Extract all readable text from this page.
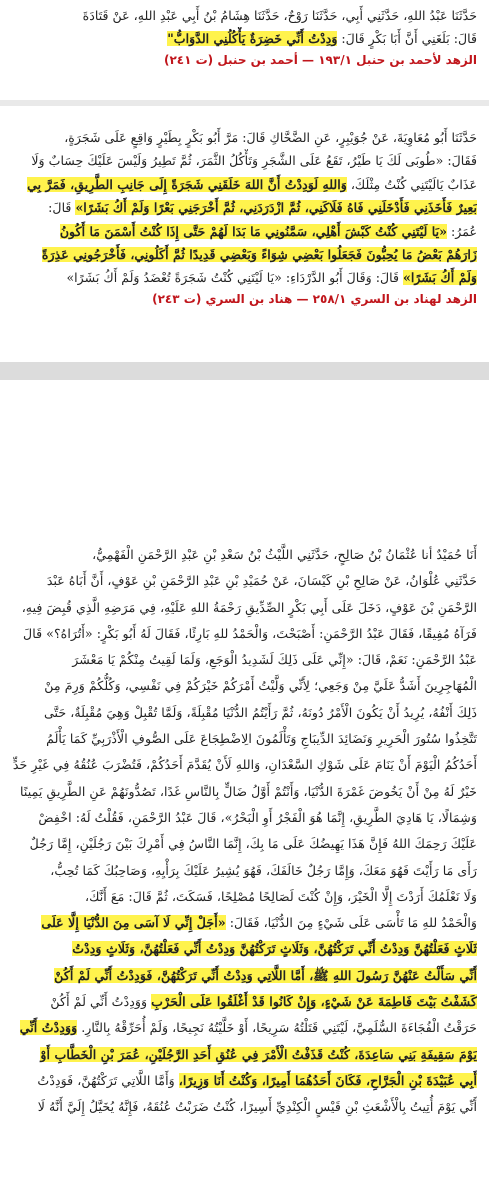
حَدَّثَنَا عَبْدُ اللهِ، حَدَّثَنِي أَبِي، حَدَّثَنَا رَوْحٌ، حَدَّثَنَا هِشَامُ بْنُ أَبِي عَبْدِ اللهِ، عَنْ قَتَادَةَ
قَالَ: بَلَغَنِي أَنَّ أَبَا بَكْرٍ قَالَ: وَدِدْتُ أَنِّي خَضِرَةٌ يَأْكُلُنِي الدَّوَابُّ"
الزهد لأحمد بن حنبل ١٩٣/١ — أحمد بن حنبل (ت ٢٤١)
حَدَّثَنَا أَبُو مُعَاوِيَةَ، عَنْ جُوَيْبِرٍ، عَنِ الضَّحَّاكِ قَالَ: مَرَّ أَبُو بَكْرٍ بِطَيْرٍ وَاقِعٍ عَلَى شَجَرَةٍ،
فَقَالَ: «طُوبَى لَكَ يَا طَيْرُ، تَقَعُ عَلَى الشَّجَرِ وَتَأْكُلُ الثَّمَرَ، ثُمَّ تَطِيرُ وَلَيْسَ عَلَيْكَ حِسَابٌ وَلَا
عَذَابٌ يَالَيْتَنِي كُنْتُ مِثْلَكَ، وَاللهِ لَوَدِدْتُ أَنَّ اللهَ خَلَقَنِي شَجَرَةً إِلَى جَانِبِ الطَّرِيقِ، فَمَرَّ بِي
بَعِيرٌ فَأَخَذَنِي فَأَدْخَلَنِي فَاهُ فَلَاكَنِي، ثُمَّ ازْدَرَدَنِي، ثُمَّ أَخْرَجَنِي بَعْرًا وَلَمْ أَكُ بَشَرًا» قَالَ:
عُمَرُ: «يَا لَيْتَنِي كُنْتُ كَبْشَ أَهْلِي، سَمَّنُونِي مَا بَدَا لَهُمْ حَتَّى إِذَا كُنْتُ أَسْمَنَ مَا أَكُونُ
زَارَهُمْ بَعْضُ مَا يُحِبُّونَ فَجَعَلُوا بَعْضِي شِوَاءً وَبَعْضِي قَدِيدًا ثُمَّ أَكَلُونِي، فَأَخْرَجُونِي عَذِرَةً
وَلَمْ أَكُ بَشَرًا» قَالَ: وَقَالَ أَبُو الدَّرْدَاءِ: «يَا لَيْتَنِي كُنْتُ شَجَرَةً تُعْضَدُ وَلَمْ أَكُ بَشَرًا»
الزهد لهناد بن السري ٢٥٨/١ — هناد بن السري (ت ٢٤٣)
أَنَا حُمَيْدٌ أنا عُثْمَانُ بْنُ صَالِحٍ، حَدَّثَنِي اللَّيْثُ بْنُ سَعْدِ بْنِ عَبْدِ الرَّحْمَنِ الْفَهْمِيُّ،
حَدَّثَنِي عُلْوَانُ، عَنْ صَالِحِ بْنِ كَيْسَانَ، عَنْ حُمَيْدِ بْنِ عَبْدِ الرَّحْمَنِ بْنِ عَوْفٍ، أَنَّ أَبَاهُ عَبْدَ
الرَّحْمَنِ بْنَ عَوْفٍ، دَخَلَ عَلَى أَبِي بَكْرٍ الصِّدِّيقِ رَحْمَةُ اللهِ عَلَيْهِ، فِي مَرَضِهِ الَّذِي قُبِضَ فِيهِ،
فَرَآهُ مُفِيقًا، فَقَالَ عَبْدُ الرَّحْمَنِ: أَصْبَحْتَ، وَالْحَمْدُ للهِ بَارِئًا، فَقَالَ لَهُ أَبُو بَكْرٍ: «أَتُرَاهُ؟» قَالَ
عَبْدُ الرَّحْمَنِ: نَعَمْ، قَالَ: «إِنِّي عَلَى ذَلِكَ لَشَدِيدُ الْوَجَعِ، وَلَمَا لَقِيتُ مِنْكُمْ يَا مَعْشَرَ
الْمُهَاجِرِينَ أَشَدُّ عَلَيَّ مِنْ وَجَعِي؛ لِأَنِّي وَلَّيْتُ أَمْرَكُمْ خَيْرَكُمْ فِي نَفْسِي، وَكُلُّكُمْ وَرِمَ مِنْ
ذَلِكَ أَنْفُهُ، يُرِيدُ أَنْ يَكُونَ الْأَمْرُ دُونَهُ، ثُمَّ رَأَيْتُمُ الدُّنْيَا مُقْبِلَةً، وَلَمَّا تُقْبِلْ وَهِيَ مُقْبِلَةٌ، حَتَّى
تَتَّخِذُوا سُتُورَ الْحَرِيرِ وَنَضَائِدَ الدِّيبَاجِ وَتَأْلَمُونَ الِاضْطِجَاعَ عَلَى الصُّوفِ الْأَذْرَبِيِّ كَمَا يَأْلَمُ
أَحَدُكُمُ الْيَوْمَ أَنْ يَنَامَ عَلَى شَوْكِ السَّعْدَانِ، وَاللهِ لَأَنْ يُقَدَّمَ أَحَدُكُمْ، فَتُضْرَبَ عُنُقُهُ فِي غَيْرِ حَدٍّ
خَيْرٌ لَهُ مِنْ أَنْ يَخُوضَ غَمْرَةَ الدُّنْيَا، وَأَنْتُمْ أَوَّلُ ضَالٍّ بِالنَّاسِ غَدًا، تَصُدُّونَهُمْ عَنِ الطَّرِيقِ يَمِينًا
وَشِمَالًا، يَا هَادِيَ الطَّرِيقِ، إِنَّمَا هُوَ الْفَجْرُ أَوِ الْبَحْرُ»، قَالَ عَبْدُ الرَّحْمَنِ، فَقُلْتُ لَهُ: اخْفِضْ
عَلَيْكَ رَحِمَكَ اللهُ فَإِنَّ هَذَا يَهِيضُكَ عَلَى مَا بِكَ، إِنَّمَا النَّاسُ فِي أَمْرِكَ بَيْنَ رَجُلَيْنِ، إِمَّا رَجُلٌ
رَأَى مَا رَأَيْتَ فَهُوَ مَعَكَ، وَإِمَّا رَجُلٌ خَالَفَكَ، فَهُوَ يُشِيرُ عَلَيْكَ بِرَأْيِهِ، وَصَاحِبُكَ كَمَا تُحِبُّ،
وَلَا نَعْلَمُكَ أَرَدْتَ إِلَّا الْخَيْرَ، وَإِنْ كُنْتَ لَصَالِحًا مُصْلِحًا، فَسَكَتَ، ثُمَّ قَالَ: مَعَ أَنَّكَ،
وَالْحَمْدُ للهِ مَا تَأْسَى عَلَى شَيْءٍ مِنَ الدُّنْيَا، فَقَالَ: «أَجَلْ إِنِّي لَا آسَى مِنَ الدُّنْيَا إِلَّا عَلَى
ثَلَاثٍ فَعَلْتُهُنَّ وَدِدْتُ أَنِّي تَرَكْتُهُنَّ، وَثَلَاثٍ تَرَكْتُهُنَّ وَدِدْتُ أَنِّي فَعَلْتُهُنَّ، وَثَلَاثٍ وَدِدْتُ
أَنِّي سَأَلْتُ عَنْهُنَّ رَسُولَ اللهِ ﷺ، أَمَّا اللَّاتِي وَدِدْتُ أَنِّي تَرَكْتُهُنَّ، فَوَدِدْتُ أَنِّي لَمْ أَكُنْ
كَشَفْتُ بَيْتَ فَاطِمَةَ عَنْ شَيْءٍ، وَإِنْ كَانُوا قَدْ أَغْلَقُوا عَلَى الْحَرْبِ وَوَدِدْتُ أَنِّي لَمْ أَكُنْ
حَرَقْتُ الْفُجَاءَةَ السُّلَمِيَّ، لَيْتَنِي قَتَلْتُهُ سَرِيحًا، أَوْ خَلَّيْتُهُ نَجِيحًا، وَلَمْ أُحَرِّقْهُ بِالنَّارِ. وَوَدِدْتُ أَنِّي
يَوْمَ سَقِيفَةِ بَنِي سَاعِدَةَ، كُنْتُ قَذَفْتُ الْأَمْرَ فِي عُنُقِ أَحَدِ الرَّجُلَيْنِ، عُمَرَ بْنِ الْخَطَّابِ أَوْ
أَبِي عُبَيْدَةَ بْنِ الْجَرَّاحِ، فَكَانَ أَحَدُهُمَا أَمِيرًا، وَكُنْتُ أَنَا وَزِيرًا، وَأَمَّا اللَّاتِي تَرَكْتُهُنَّ، فَوَدِدْتُ
أَنِّي يَوْمَ أُتِيتُ بِالْأَشْعَثِ بْنِ قَيْسٍ الْكِنْدِيِّ أَسِيرًا، كُنْتُ ضَرَبْتُ عُنُقَهُ، فَإِنَّهُ يُخَيَّلُ إِلَيَّ أَنَّهُ لَا
